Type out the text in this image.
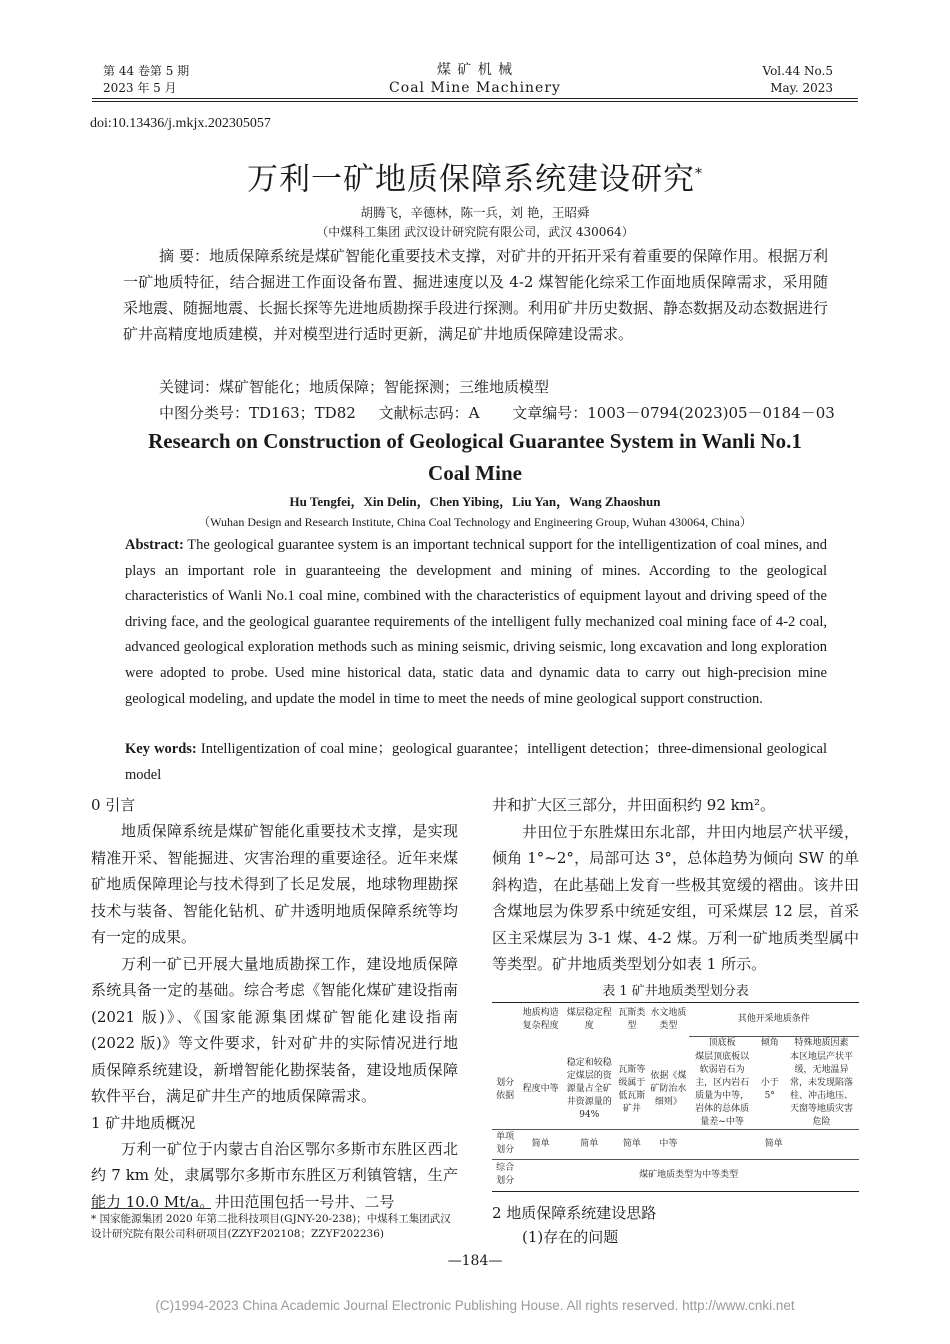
第 44 卷第 5 期
2023 年 5 月
煤 矿 机 械
Coal Mine Machinery
Vol.44 No.5
May. 2023
doi:10.13436/j.mkjx.202305057
万利一矿地质保障系统建设研究*
胡腾飞，辛德林，陈一兵，刘 艳，王昭舜
（中煤科工集团 武汉设计研究院有限公司，武汉 430064）
摘 要：地质保障系统是煤矿智能化重要技术支撑，对矿井的开拓开采有着重要的保障作用。根据万利一矿地质特征，结合掘进工作面设备布置、掘进速度以及 4-2 煤智能化综采工作面地质保障需求，采用随采地震、随掘地震、长掘长探等先进地质勘探手段进行探测。利用矿井历史数据、静态数据及动态数据进行矿井高精度地质建模，并对模型进行适时更新，满足矿井地质保障建设需求。
关键词：煤矿智能化；地质保障；智能探测；三维地质模型
中图分类号：TD163；TD82 文献标志码：A 文章编号：1003－0794(2023)05－0184－03
Research on Construction of Geological Guarantee System in Wanli No.1
Coal Mine
Hu Tengfei，Xin Delin，Chen Yibing，Liu Yan，Wang Zhaoshun
（Wuhan Design and Research Institute, China Coal Technology and Engineering Group, Wuhan 430064, China）
Abstract: The geological guarantee system is an important technical support for the intelligentization of coal mines, and plays an important role in guaranteeing the development and mining of mines. According to the geological characteristics of Wanli No.1 coal mine, combined with the characteristics of equipment layout and driving speed of the driving face, and the geological guarantee requirements of the intelligent fully mechanized coal mining face of 4-2 coal, advanced geological exploration methods such as mining seismic, driving seismic, long excavation and long exploration were adopted to probe. Used mine historical data, static data and dynamic data to carry out high-precision mine geological modeling, and update the model in time to meet the needs of mine geological support construction.
Key words: Intelligentization of coal mine；geological guarantee；intelligent detection；three-dimensional geological model
0 引言

地质保障系统是煤矿智能化重要技术支撑，是实现精准开采、智能掘进、灾害治理的重要途径。近年来煤矿地质保障理论与技术得到了长足发展，地球物理勘探技术与装备、智能化钻机、矿井透明地质保障系统等均有一定的成果。

万利一矿已开展大量地质勘探工作，建设地质保障系统具备一定的基础。综合考虑《智能化煤矿建设指南(2021 版)》、《国家能源集团煤矿智能化建设指南(2022 版)》等文件要求，针对矿井的实际情况进行地质保障系统建设，新增智能化勘探装备，建设地质保障软件平台，满足矿井生产的地质保障需求。

1 矿井地质概况

万利一矿位于内蒙古自治区鄂尔多斯市东胜区西北约 7 km 处，隶属鄂尔多斯市东胜区万利镇管辖，生产能力 10.0 Mt/a。井田范围包括一号井、二号

* 国家能源集团 2020 年第二批科技项目(GJNY-20-238)；中煤科工集团武汉设计研究院有限公司科研项目(ZZYF202108；ZZYF202236)
井和扩大区三部分，井田面积约 92 km²。

井田位于东胜煤田东北部，井田内地层产状平缓，倾角 1°~2°，局部可达 3°，总体趋势为倾向 SW 的单斜构造，在此基础上发育一些极其宽缓的褶曲。该井田含煤地层为侏罗系中统延安组，可采煤层 12 层，首采区主采煤层为 3-1 煤、4-2 煤。万利一矿地质类型属中等类型。矿井地质类型划分如表 1 所示。

表 1 矿井地质类型划分表
	地质构造复杂程度	煤层稳定程度	瓦斯类型	水文地质类型	其他开采地质条件		
					顶底板	倾角	特殊地质因素
划分依据	程度中等	稳定和较稳定煤层的资源量占全矿井资源量的 94%	瓦斯等级属于低瓦斯矿井	依据《煤矿防治水细则》	煤层顶底板以软弱岩石为主，区内岩石质量为中等，岩体的总体质量差~中等	小于 5°	本区地层产状平缓，无地温异常，未发现陷落柱、冲击地压、天窗等地质灾害危险
单项划分	简单	简单	简单	中等	简单		
综合划分	煤矿地质类型为中等类型						
2 地质保障系统建设思路
(1)存在的问题
—184—
(C)1994-2023 China Academic Journal Electronic Publishing House. All rights reserved. http://www.cnki.net
